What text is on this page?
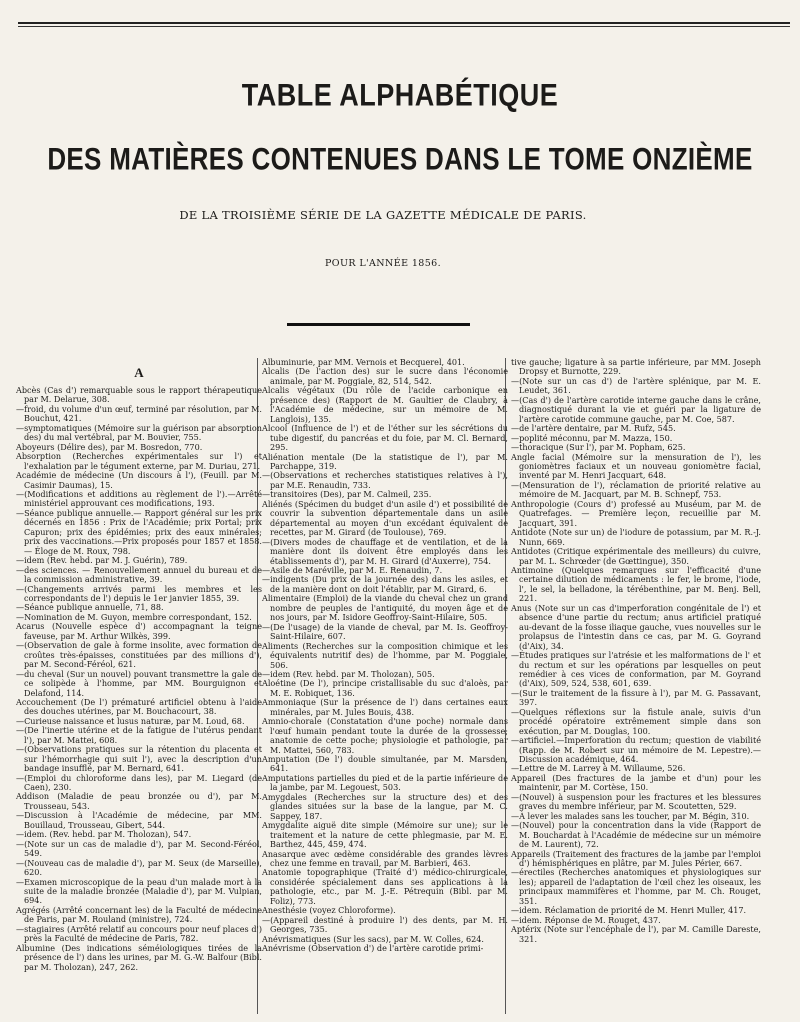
TABLE ALPHABÉTIQUE
DES MATIÈRES CONTENUES DANS LE TOME ONZIÈME
DE LA TROISIÈME SÉRIE DE LA GAZETTE MÉDICALE DE PARIS.
POUR L'ANNÉE 1856.
A

Abcès (Cas d') remarquable sous le rapport thérapeutique par M. Delarue, 308.

—froid, du volume d'un œuf, terminé par résolution, par M. Bouchut, 421.

—symptomatiques (Mémoire sur la guérison par absorption des) du mal vertébral, par M. Bouvier, 755.

Aboyeurs (Délire des), par M. Bosredon, 770.

Absorption (Recherches expérimentales sur l') et l'exhalation par le tégument externe, par M. Duriau, 271.

Académie de médecine (Un discours à l'), (Feuill. par M. Casimir Daumas), 15.

—(Modifications et additions au règlement de l').—Arrêté ministériel approuvant ces modifications, 193.

—Séance publique annuelle.— Rapport général sur les prix décernés en 1856 : Prix de l'Académie; prix Portal; prix Capuron; prix des épidémies; prix des eaux minérales; prix des vaccinations.—Prix proposés pour 1857 et 1858. — Éloge de M. Roux, 798.

—idem (Rev. hebd. par M. J. Guérin), 789.

—des sciences. — Renouvellement annuel du bureau et de la commission administrative, 39.

—(Changements arrivés parmi les membres et les correspondants de l') depuis le 1er janvier 1855, 39.

—Séance publique annuelle, 71, 88.

—Nomination de M. Guyon, membre correspondant, 152.

Acarus (Nouvelle espèce d') accompagnant la teigne faveuse, par M. Arthur Wilkès, 399.

—(Observation de gale à forme insolite, avec formation de croûtes très-épaisses, constituées par des millions d'), par M. Second-Féréol, 621.

—du cheval (Sur un nouvel) pouvant transmettre la gale de ce solipède à l'homme, par MM. Bourguignon et Delafond, 114.

Accouchement (De l') prématuré artificiel obtenu à l'aide des douches utérines, par M. Bouchacourt, 38.

—Curieuse naissance et lusus naturæ, par M. Loud, 68.

—(De l'inertie utérine et de la fatigue de l'utérus pendant l'), par M. Mattei, 608.

—(Observations pratiques sur la rétention du placenta et sur l'hémorrhagie qui suit l'), avec la description d'un bandage insufflé, par M. Bernard, 641.

—(Emploi du chloroforme dans les), par M. Liegard (de Caen), 230.

Addison (Maladie de peau bronzée ou d'), par M. Trousseau, 543.

—Discussion à l'Académie de médecine, par MM. Bouillaud, Trousseau, Gibert, 544.

—idem. (Rev. hebd. par M. Tholozan), 547.

—(Note sur un cas de maladie d'), par M. Second-Féréol, 549.

—(Nouveau cas de maladie d'), par M. Seux (de Marseille), 620.

—Examen microscopique de la peau d'un malade mort à la suite de la maladie bronzée (Maladie d'), par M. Vulpian, 694.

Agrégés (Arrêté concernant les) de la Faculté de médecine de Paris, par M. Rouland (ministre), 724.

—stagiaires (Arrêté relatif au concours pour neuf places d') près la Faculté de médecine de Paris, 782.

Albumine (Des indications séméiologiques tirées de la présence de l') dans les urines, par M. G.-W. Balfour (Bibl. par M. Tholozan), 247, 262.

Albuminurie, par MM. Vernois et Becquerel, 401.

Alcalis (De l'action des) sur le sucre dans l'économie animale, par M. Poggiale, 82, 514, 542.

Alcalis végétaux (Du rôle de l'acide carbonique en présence des) (Rapport de M. Gaultier de Claubry, à l'Académie de médecine, sur un mémoire de M. Langlois), 135.

Alcool (Influence de l') et de l'éther sur les sécrétions du tube digestif, du pancréas et du foie, par M. Cl. Bernard, 295.

Aliénation mentale (De la statistique de l'), par M. Parchappe, 319.

—(Observations et recherches statistiques relatives à l'), par M.E. Renaudin, 733.

—transitoires (Des), par M. Calmeil, 235.

Aliénés (Spécimen du budget d'un asile d') et possibilité de couvrir la subvention départementale dans un asile départemental au moyen d'un excédant équivalent de recettes, par M. Girard (de Toulouse), 769.

—(Divers modes de chauffage et de ventilation, et de la manière dont ils doivent être employés dans les établissements d'), par M. H. Girard (d'Auxerre), 754.

—Asile de Maréville, par M. E. Renaudin, 7.

—indigents (Du prix de la journée des) dans les asiles, et de la manière dont on doit l'établir, par M. Girard, 6.

Alimentaire (Emploi) de la viande du cheval chez un grand nombre de peuples de l'antiquité, du moyen âge et de nos jours, par M. Isidore Geoffroy-Saint-Hilaire, 505.

—(De l'usage) de la viande de cheval, par M. Is. Geoffroy-Saint-Hilaire, 607.

Aliments (Recherches sur la composition chimique et les équivalents nutritif des) de l'homme, par M. Poggiale, 506.

—idem (Rev. hebd. par M. Tholozan), 505.

Aloétine (De l'), principe cristallisable du suc d'aloès, par M. E. Robiquet, 136.

Ammoniaque (Sur la présence de l') dans certaines eaux minérales, par M. Jules Bouis, 438.

Amnio-chorale (Constatation d'une poche) normale dans l'œuf humain pendant toute la durée de la grossesse; anatomie de cette poche; physiologie et pathologie, par M. Mattei, 560, 783.

Amputation (De l') double simultanée, par M. Marsden, 641.

Amputations partielles du pied et de la partie inférieure de la jambe, par M. Legouest, 503.

Amygdales (Recherches sur la structure des) et des glandes situées sur la base de la langue, par M. C. Sappey, 187.

Amygdalite aiguë dite simple (Mémoire sur une); sur le traitement et la nature de cette phlegmasie, par M. E. Barthez, 445, 459, 474.

Anasarque avec œdème considérable des grandes lèvres chez une femme en travail, par M. Barbieri, 463.

Anatomie topographique (Traité d') médico-chirurgicale, considérée spécialement dans ses applications à la pathologie, etc., par M. J.-E. Pétrequin (Bibl. par M. Foliz), 773.

Anesthésie (voyez Chloroforme).

—(Appareil destiné à produire l') des dents, par M. H. Georges, 735.

Anévrismatiques (Sur les sacs), par M. W. Colles, 624.

Anévrisme (Observation d') de l'artère carotide primi-

tive gauche; ligature à sa partie inférieure, par MM. Joseph Dropsy et Burnotte, 229.

—(Note sur un cas d') de l'artère splénique, par M. E. Leudet, 361.

—(Cas d') de l'artère carotide interne gauche dans le crâne, diagnostiqué durant la vie et guéri par la ligature de l'artère carotide commune gauche, par M. Coe, 587.

—de l'artère dentaire, par M. Rufz, 545.

—poplité méconnu, par M. Mazza, 150.

—thoracique (Sur l'), par M. Popham, 625.

Angle facial (Mémoire sur la mensuration de l'), les goniomètres faciaux et un nouveau goniomètre facial, inventé par M. Henri Jacquart, 648.

—(Mensuration de l'), réclamation de priorité relative au mémoire de M. Jacquart, par M. B. Schnepf, 753.

Anthropologie (Cours d') professé au Muséum, par M. de Quatrefages. — Première leçon, recueillie par M. Jacquart, 391.

Antidote (Note sur un) de l'iodure de potassium, par M. R.-J. Nunn, 669.

Antidotes (Critique expérimentale des meilleurs) du cuivre, par M. L. Schrœder (de Gœttingue), 350.

Antimoine (Quelques remarques sur l'efficacité d'une certaine dilution de médicaments : le fer, le brome, l'iode, l', le sel, la belladone, la térébenthine, par M. Benj. Bell, 221.

Anus (Note sur un cas d'imperforation congénitale de l') et absence d'une partie du rectum; anus artificiel pratiqué au-devant de la fosse iliaque gauche, vues nouvelles sur le prolapsus de l'intestin dans ce cas, par M. G. Goyrand (d'Aix), 34.

—Études pratiques sur l'atrésie et les malformations de l' et du rectum et sur les opérations par lesquelles on peut remédier à ces vices de conformation, par M. Goyrand (d'Aix), 509, 524, 538, 601, 639.

—(Sur le traitement de la fissure à l'), par M. G. Passavant, 397.

—Quelques réflexions sur la fistule anale, suivis d'un procédé opératoire extrêmement simple dans son exécution, par M. Douglas, 100.

—artificiel.—Imperforation du rectum; question de viabilité (Rapp. de M. Robert sur un mémoire de M. Lepestre).—Discussion académique, 464.

—Lettre de M. Larrey à M. Willaume, 526.

Appareil (Des fractures de la jambe et d'un) pour les maintenir, par M. Cortèse, 150.

—(Nouvel) à suspension pour les fractures et les blessures graves du membre inférieur, par M. Scoutetten, 529.

—À lever les malades sans les toucher, par M. Bégin, 310.

—(Nouvel) pour la concentration dans la vide (Rapport de M. Bouchardat à l'Académie de médecine sur un mémoire de M. Laurent), 72.

Appareils (Traitement des fractures de la jambe par l'emploi d') hémisphériques en plâtre, par M. Jules Périer, 667.

—érectiles (Recherches anatomiques et physiologiques sur les); appareil de l'adaptation de l'œil chez les oiseaux, les principaux mammifères et l'homme, par M. Ch. Rouget, 351.

—idem. Réclamation de priorité de M. Henri Muller, 417.

—idem. Réponse de M. Rouget, 437.

Aptérix (Note sur l'encéphale de l'), par M. Camille Dareste, 321.
